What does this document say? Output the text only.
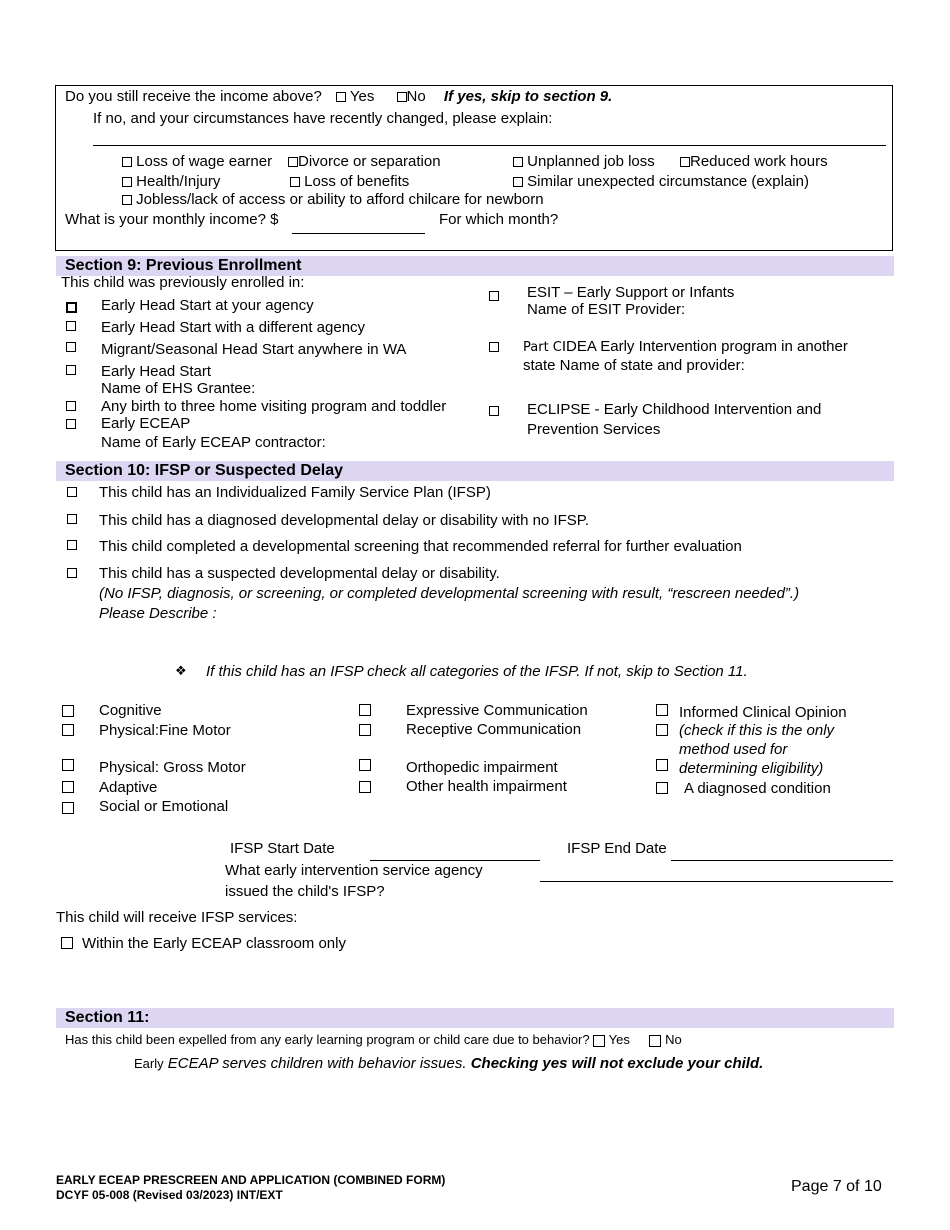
Do you still receive the income above? Yes No If yes, skip to section 9.
If no, and your circumstances have recently changed, please explain:
Loss of wage earner	Divorce or separation	Unplanned job loss	Reduced work hours
Health/Injury	Loss of benefits	Similar unexpected circumstance (explain)
Jobless/lack of access or ability to afford chilcare for newborn
What is your monthly income? $	For which month?
Section 9: Previous Enrollment
This child was previously enrolled in:
Early Head Start at your agency
Early Head Start with a different agency
Migrant/Seasonal Head Start anywhere in WA
Early Head Start
Name of EHS Grantee:
Any birth to three home visiting program and toddler
Early ECEAP
Name of Early ECEAP contractor:
ESIT – Early Support or Infants
Name of ESIT Provider:
Part CIDEA Early Intervention program in another
state Name of state and provider:
ECLIPSE - Early Childhood Intervention and
Prevention Services
Section 10: IFSP or Suspected Delay
This child has an Individualized Family Service Plan (IFSP)
This child has a diagnosed developmental delay or disability with no IFSP.
This child completed a developmental screening that recommended referral for further evaluation
This child has a suspected developmental delay or disability.
(No IFSP, diagnosis, or screening, or completed developmental screening with result, “rescreen needed”.)
Please Describe :
❖ If this child has an IFSP check all categories of the IFSP. If not, skip to Section 11.
Cognitive
Physical:Fine Motor
Physical: Gross Motor
Adaptive
Social or Emotional
Expressive Communication
Receptive Communication
Orthopedic impairment
Other health impairment
Informed Clinical Opinion
(check if this is the only
method used for
determining eligibility)
A diagnosed condition
IFSP Start Date	IFSP End Date
What early intervention service agency
issued the child's IFSP?
This child will receive IFSP services:
Within the Early ECEAP classroom only
Section 11:
Has this child been expelled from any early learning program or child care due to behavior? Yes	No
Early ECEAP serves children with behavior issues. Checking yes will not exclude your child.
EARLY ECEAP PRESCREEN AND APPLICATION (COMBINED FORM)
DCYF 05-008 (Revised 03/2023) INT/EXT	Page 7 of 10
